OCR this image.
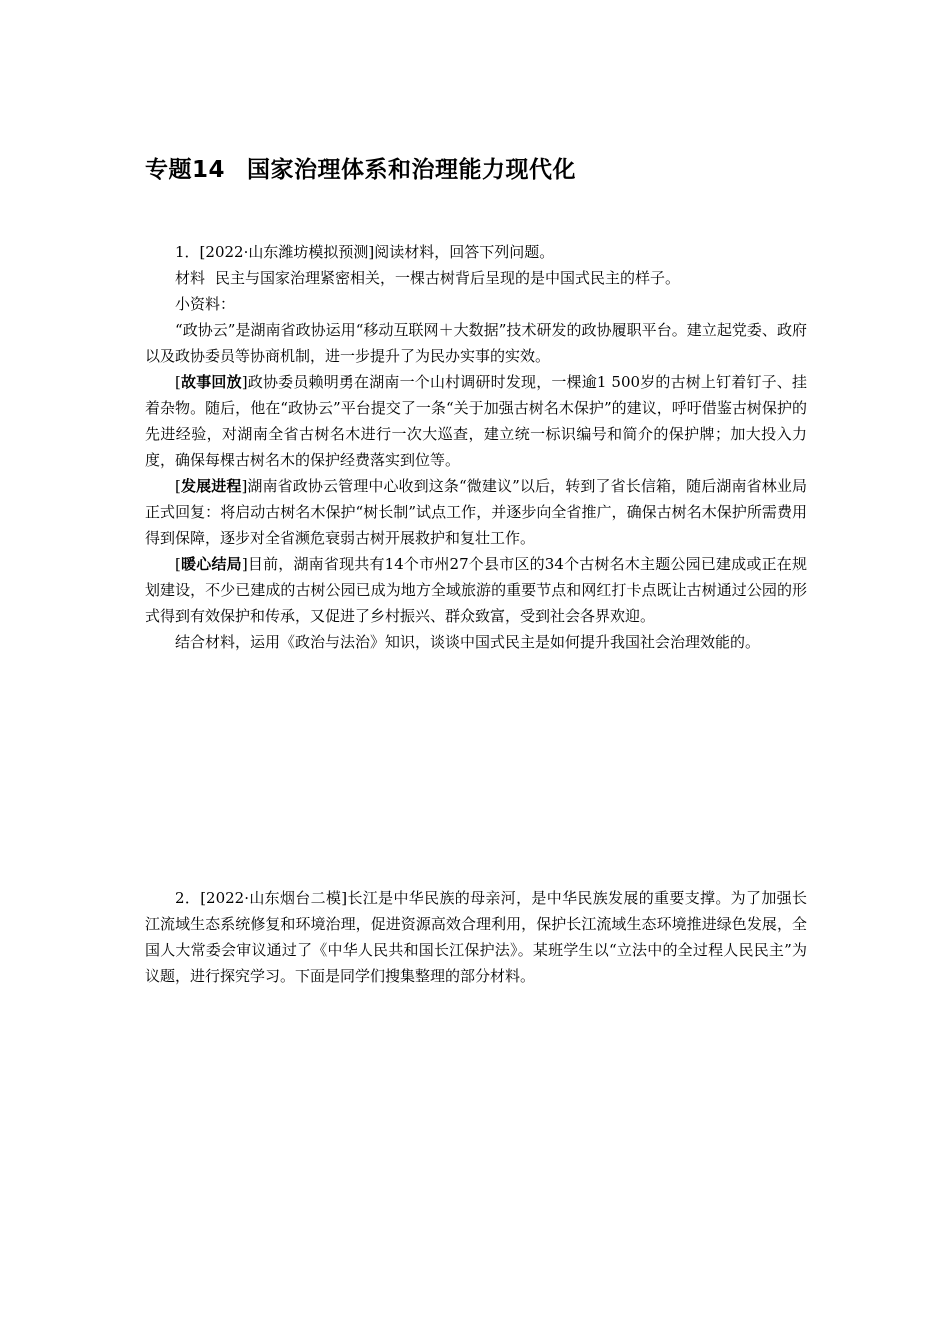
专题14 国家治理体系和治理能力现代化

1．[2022·山东潍坊模拟预测]阅读材料，回答下列问题。

材料 民主与国家治理紧密相关，一棵古树背后呈现的是中国式民主的样子。

小资料：

“政协云”是湖南省政协运用“移动互联网＋大数据”技术研发的政协履职平台。建立起党委、政府以及政协委员等协商机制，进一步提升了为民办实事的实效。

[故事回放]政协委员赖明勇在湖南一个山村调研时发现，一棵逾1 500岁的古树上钉着钉子、挂着杂物。随后，他在“政协云”平台提交了一条“关于加强古树名木保护”的建议，呼吁借鉴古树保护的先进经验，对湖南全省古树名木进行一次大巡查，建立统一标识编号和简介的保护牌；加大投入力度，确保每棵古树名木的保护经费落实到位等。

[发展进程]湖南省政协云管理中心收到这条“微建议”以后，转到了省长信箱，随后湖南省林业局正式回复：将启动古树名木保护“树长制”试点工作，并逐步向全省推广，确保古树名木保护所需费用得到保障，逐步对全省濒危衰弱古树开展救护和复壮工作。

[暖心结局]目前，湖南省现共有14个市州27个县市区的34个古树名木主题公园已建成或正在规划建设，不少已建成的古树公园已成为地方全域旅游的重要节点和网红打卡点既让古树通过公园的形式得到有效保护和传承，又促进了乡村振兴、群众致富，受到社会各界欢迎。

结合材料，运用《政治与法治》知识，谈谈中国式民主是如何提升我国社会治理效能的。

2．[2022·山东烟台二模]长江是中华民族的母亲河，是中华民族发展的重要支撑。为了加强长江流域生态系统修复和环境治理，促进资源高效合理利用，保护长江流域生态环境推进绿色发展，全国人大常委会审议通过了《中华人民共和国长江保护法》。某班学生以“立法中的全过程人民民主”为议题，进行探究学习。下面是同学们搜集整理的部分材料。
